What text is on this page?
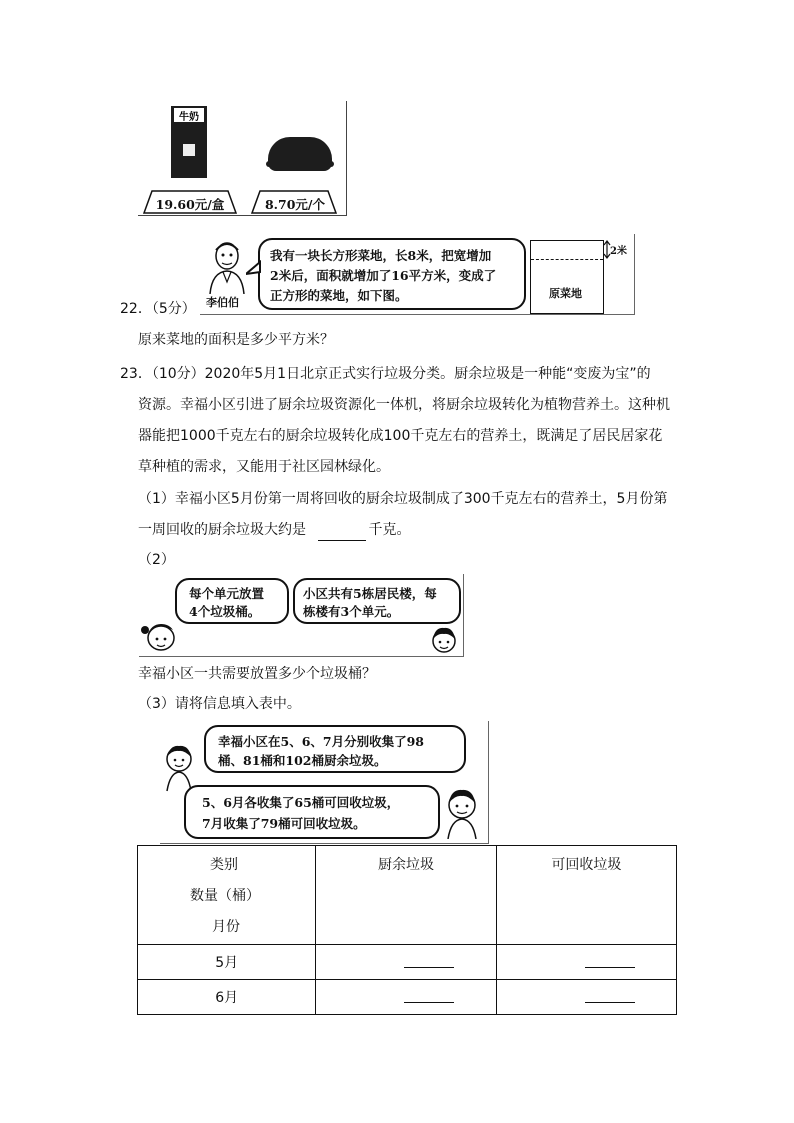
牛奶
19.60元/盒	8.70元/个
22．（5分） 李伯伯
我有一块长方形菜地，长8米，把宽增加
2米后，面积就增加了16平方米，变成了
正方形的菜地，如下图。	原菜地
2米
原来菜地的面积是多少平方米？
23．（10分）2020年5月1日北京正式实行垃圾分类。厨余垃圾是一种能“变废为宝”的
资源。幸福小区引进了厨余垃圾资源化一体机，将厨余垃圾转化为植物营养土。这种机
器能把1000千克左右的厨余垃圾转化成100千克左右的营养土，既满足了居民居家花
草种植的需求，又能用于社区园林绿化。
（1）幸福小区5月份第一周将回收的厨余垃圾制成了300千克左右的营养土，5月份第
一周回收的厨余垃圾大约是	千克。
（2）
每个单元放置
4个垃圾桶。
小区共有5栋居民楼，每
栋楼有3个单元。
幸福小区一共需要放置多少个垃圾桶？
（3）请将信息填入表中。
幸福小区在5、6、7月分别收集了98
桶、81桶和102桶厨余垃圾。
5、6月各收集了65桶可回收垃圾，
7月收集了79桶可回收垃圾。
类别
数量（桶）
月份	厨余垃圾	可回收垃圾
5月		
6月		
